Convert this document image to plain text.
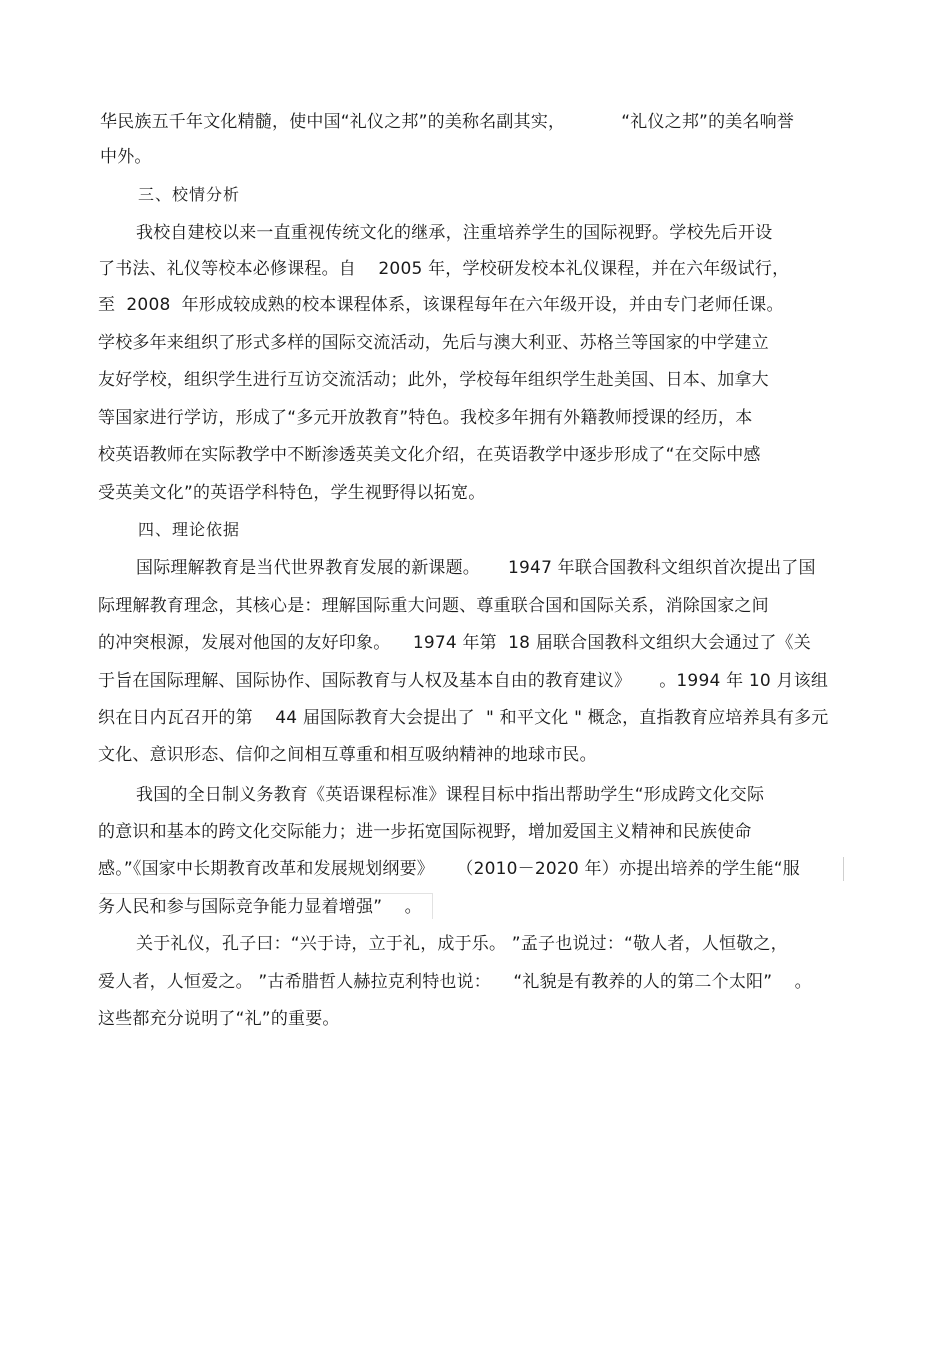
华民族五千年文化精髓，使中国“礼仪之邦”的美称名副其实，          “礼仪之邦”的美名响誉
中外。
三、校情分析
我校自建校以来一直重视传统文化的继承，注重培养学生的国际视野。学校先后开设
了书法、礼仪等校本必修课程。自    2005 年，学校研发校本礼仪课程，并在六年级试行，
至  2008  年形成较成熟的校本课程体系，该课程每年在六年级开设，并由专门老师任课。
学校多年来组织了形式多样的国际交流活动，先后与澳大利亚、苏格兰等国家的中学建立
友好学校，组织学生进行互访交流活动；此外，学校每年组织学生赴美国、日本、加拿大
等国家进行学访，形成了“多元开放教育”特色。我校多年拥有外籍教师授课的经历，本
校英语教师在实际教学中不断渗透英美文化介绍，在英语教学中逐步形成了“在交际中感
受英美文化”的英语学科特色，学生视野得以拓宽。
四、理论依据
国际理解教育是当代世界教育发展的新课题。     1947 年联合国教科文组织首次提出了国
际理解教育理念，其核心是：理解国际重大问题、尊重联合国和国际关系，消除国家之间
的冲突根源，发展对他国的友好印象。    1974 年第  18 届联合国教科文组织大会通过了《关
于旨在国际理解、国际协作、国际教育与人权及基本自由的教育建议》     。1994 年 10 月该组
织在日内瓦召开的第    44 届国际教育大会提出了  " 和平文化 " 概念，直指教育应培养具有多元
文化、意识形态、信仰之间相互尊重和相互吸纳精神的地球市民。
我国的全日制义务教育《英语课程标准》课程目标中指出帮助学生“形成跨文化交际
的意识和基本的跨文化交际能力；进一步拓宽国际视野，增加爱国主义精神和民族使命
感。”《国家中长期教育改革和发展规划纲要》    （2010－2020 年）亦提出培养的学生能“服
务人民和参与国际竞争能力显着增强”    。
关于礼仪，孔子曰：“兴于诗，立于礼，成于乐。 ”孟子也说过：“敬人者，人恒敬之，
爱人者，人恒爱之。 ”古希腊哲人赫拉克利特也说：    “礼貌是有教养的人的第二个太阳”    。
这些都充分说明了“礼”的重要。
